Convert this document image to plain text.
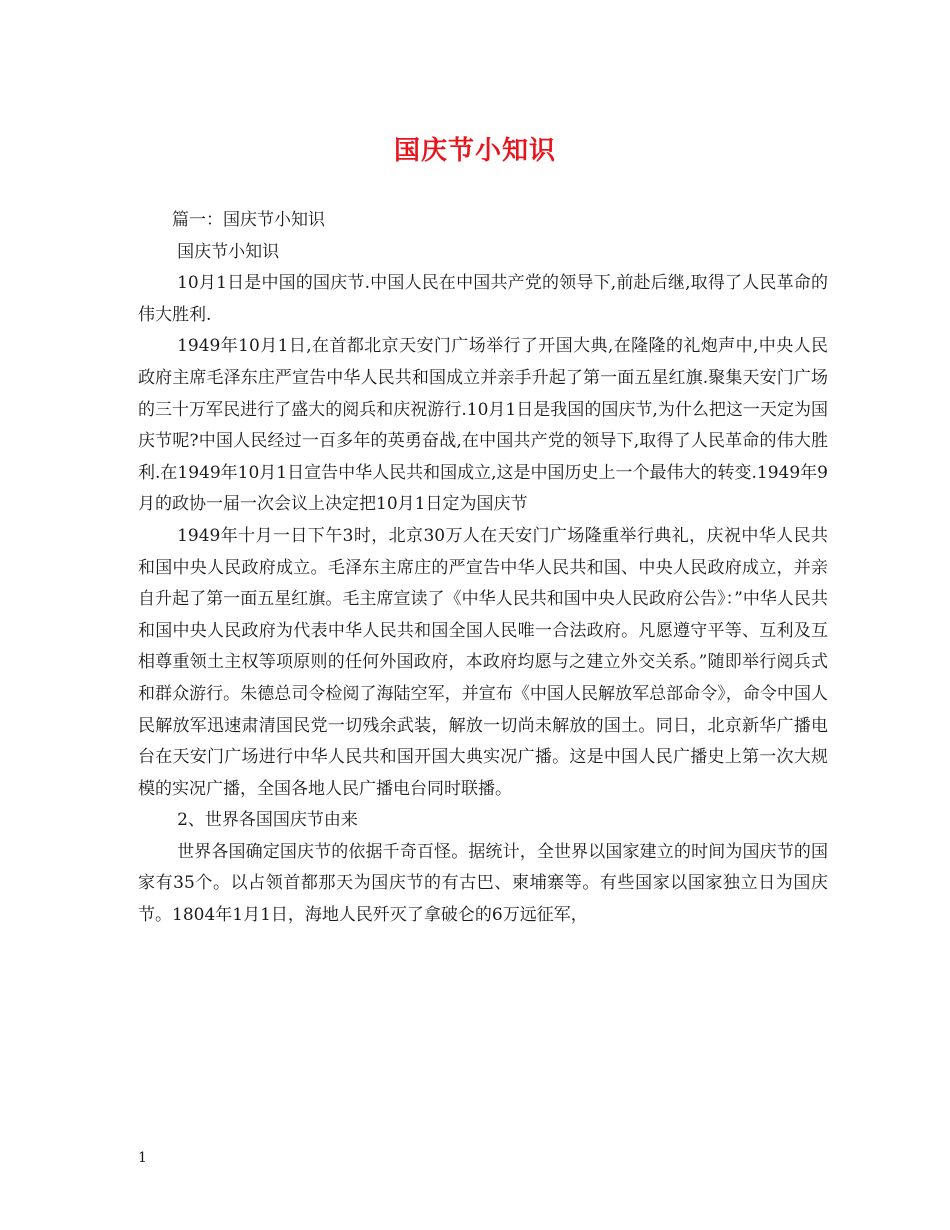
国庆节小知识

篇一：国庆节小知识

国庆节小知识

10月1日是中国的国庆节.中国人民在中国共产党的领导下,前赴后继,取得了人民革命的伟大胜利.

1949年10月1日,在首都北京天安门广场举行了开国大典,在隆隆的礼炮声中,中央人民政府主席毛泽东庄严宣告中华人民共和国成立并亲手升起了第一面五星红旗.聚集天安门广场的三十万军民进行了盛大的阅兵和庆祝游行.10月1日是我国的国庆节,为什么把这一天定为国庆节呢?中国人民经过一百多年的英勇奋战,在中国共产党的领导下,取得了人民革命的伟大胜利.在1949年10月1日宣告中华人民共和国成立,这是中国历史上一个最伟大的转变.1949年9月的政协一届一次会议上决定把10月1日定为国庆节

1949年十月一日下午3时，北京30万人在天安门广场隆重举行典礼，庆祝中华人民共和国中央人民政府成立。毛泽东主席庄的严宣告中华人民共和国、中央人民政府成立，并亲自升起了第一面五星红旗。毛主席宣读了《中华人民共和国中央人民政府公告》：”中华人民共和国中央人民政府为代表中华人民共和国全国人民唯一合法政府。凡愿遵守平等、互利及互相尊重领土主权等项原则的任何外国政府，本政府均愿与之建立外交关系。”随即举行阅兵式和群众游行。朱德总司令检阅了海陆空军，并宣布《中国人民解放军总部命令》，命令中国人民解放军迅速肃清国民党一切残余武装，解放一切尚未解放的国土。同日，北京新华广播电台在天安门广场进行中华人民共和国开国大典实况广播。这是中国人民广播史上第一次大规模的实况广播，全国各地人民广播电台同时联播。

2、世界各国国庆节由来

世界各国确定国庆节的依据千奇百怪。据统计，全世界以国家建立的时间为国庆节的国家有35个。以占领首都那天为国庆节的有古巴、柬埔寨等。有些国家以国家独立日为国庆节。1804年1月1日，海地人民歼灭了拿破仑的6万远征军，

1
